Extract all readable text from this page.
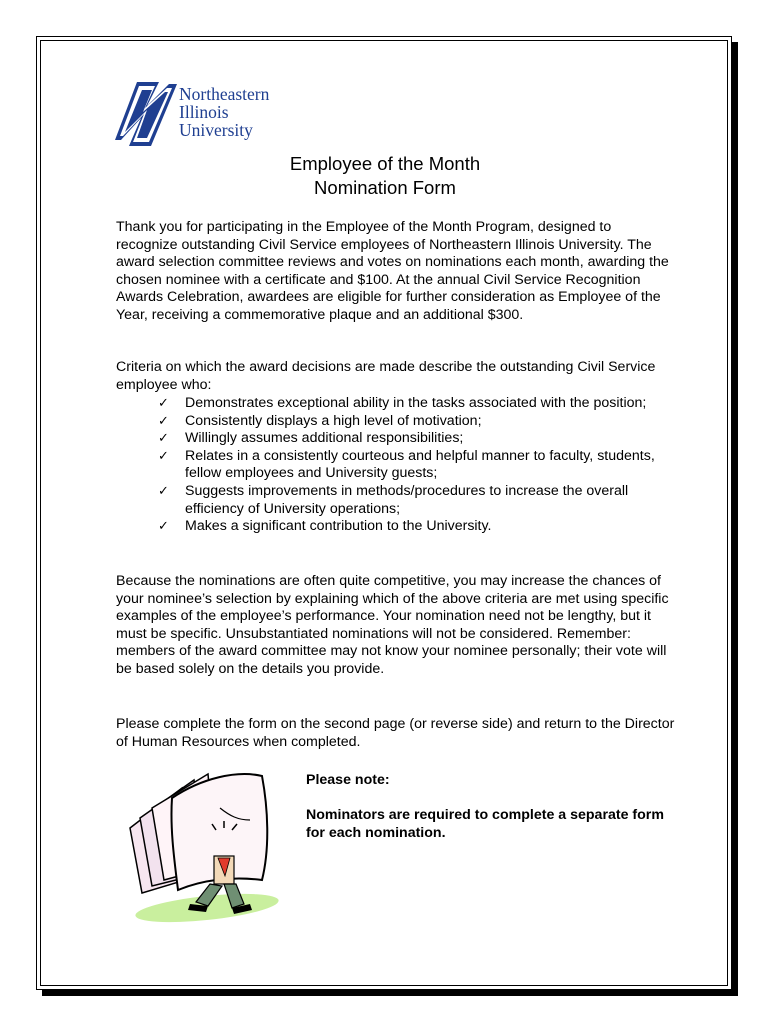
Northeastern
Illinois
University
Employee of the Month
Nomination Form

Thank you for participating in the Employee of the Month Program, designed to recognize outstanding Civil Service employees of Northeastern Illinois University. The award selection committee reviews and votes on nominations each month, awarding the chosen nominee with a certificate and $100. At the annual Civil Service Recognition Awards Celebration, awardees are eligible for further consideration as Employee of the Year, receiving a commemorative plaque and an additional $300.

Criteria on which the award decisions are made describe the outstanding Civil Service employee who:

✓ Demonstrates exceptional ability in the tasks associated with the position;
✓ Consistently displays a high level of motivation;
✓ Willingly assumes additional responsibilities;
✓ Relates in a consistently courteous and helpful manner to faculty, students, fellow employees and University guests;
✓ Suggests improvements in methods/procedures to increase the overall efficiency of University operations;
✓ Makes a significant contribution to the University.

Because the nominations are often quite competitive, you may increase the chances of your nominee’s selection by explaining which of the above criteria are met using specific examples of the employee’s performance. Your nomination need not be lengthy, but it must be specific. Unsubstantiated nominations will not be considered. Remember: members of the award committee may not know your nominee personally; their vote will be based solely on the details you provide.

Please complete the form on the second page (or reverse side) and return to the Director of Human Resources when completed.

Please note:

Nominators are required to complete a separate form for each nomination.
